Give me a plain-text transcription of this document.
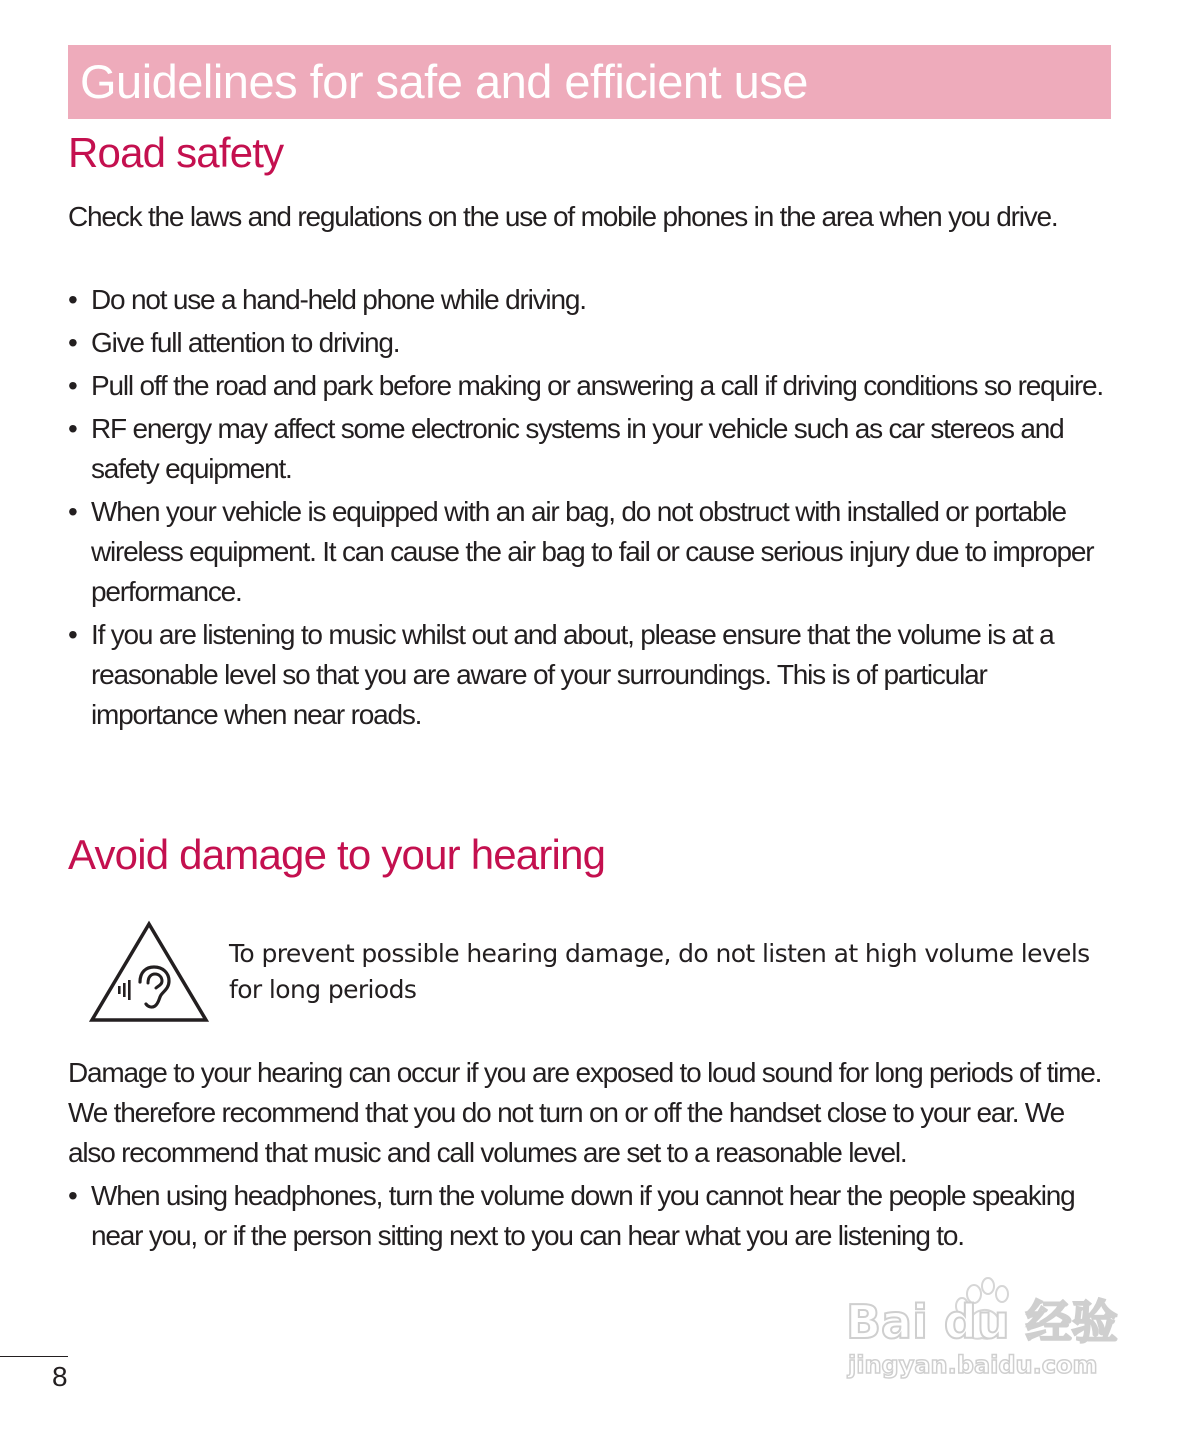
Guidelines for safe and efficient use
Road safety

Check the laws and regulations on the use of mobile phones in the area when you drive.

• Do not use a hand-held phone while driving.
• Give full attention to driving.
• Pull off the road and park before making or answering a call if driving conditions so require.
• RF energy may affect some electronic systems in your vehicle such as car stereos and safety equipment.
• When your vehicle is equipped with an air bag, do not obstruct with installed or portable wireless equipment. It can cause the air bag to fail or cause serious injury due to improper performance.
• If you are listening to music whilst out and about, please ensure that the volume is at a reasonable level so that you are aware of your surroundings. This is of particular importance when near roads.
Avoid damage to your hearing

To prevent possible hearing damage, do not listen at high volume levels for long periods

Damage to your hearing can occur if you are exposed to loud sound for long periods of time. We therefore recommend that you do not turn on or off the handset close to your ear. We also recommend that music and call volumes are set to a reasonable level.

• When using headphones, turn the volume down if you cannot hear the people speaking near you, or if the person sitting next to you can hear what you are listening to.
Bai du 经验
jingyan.baidu.com
8
